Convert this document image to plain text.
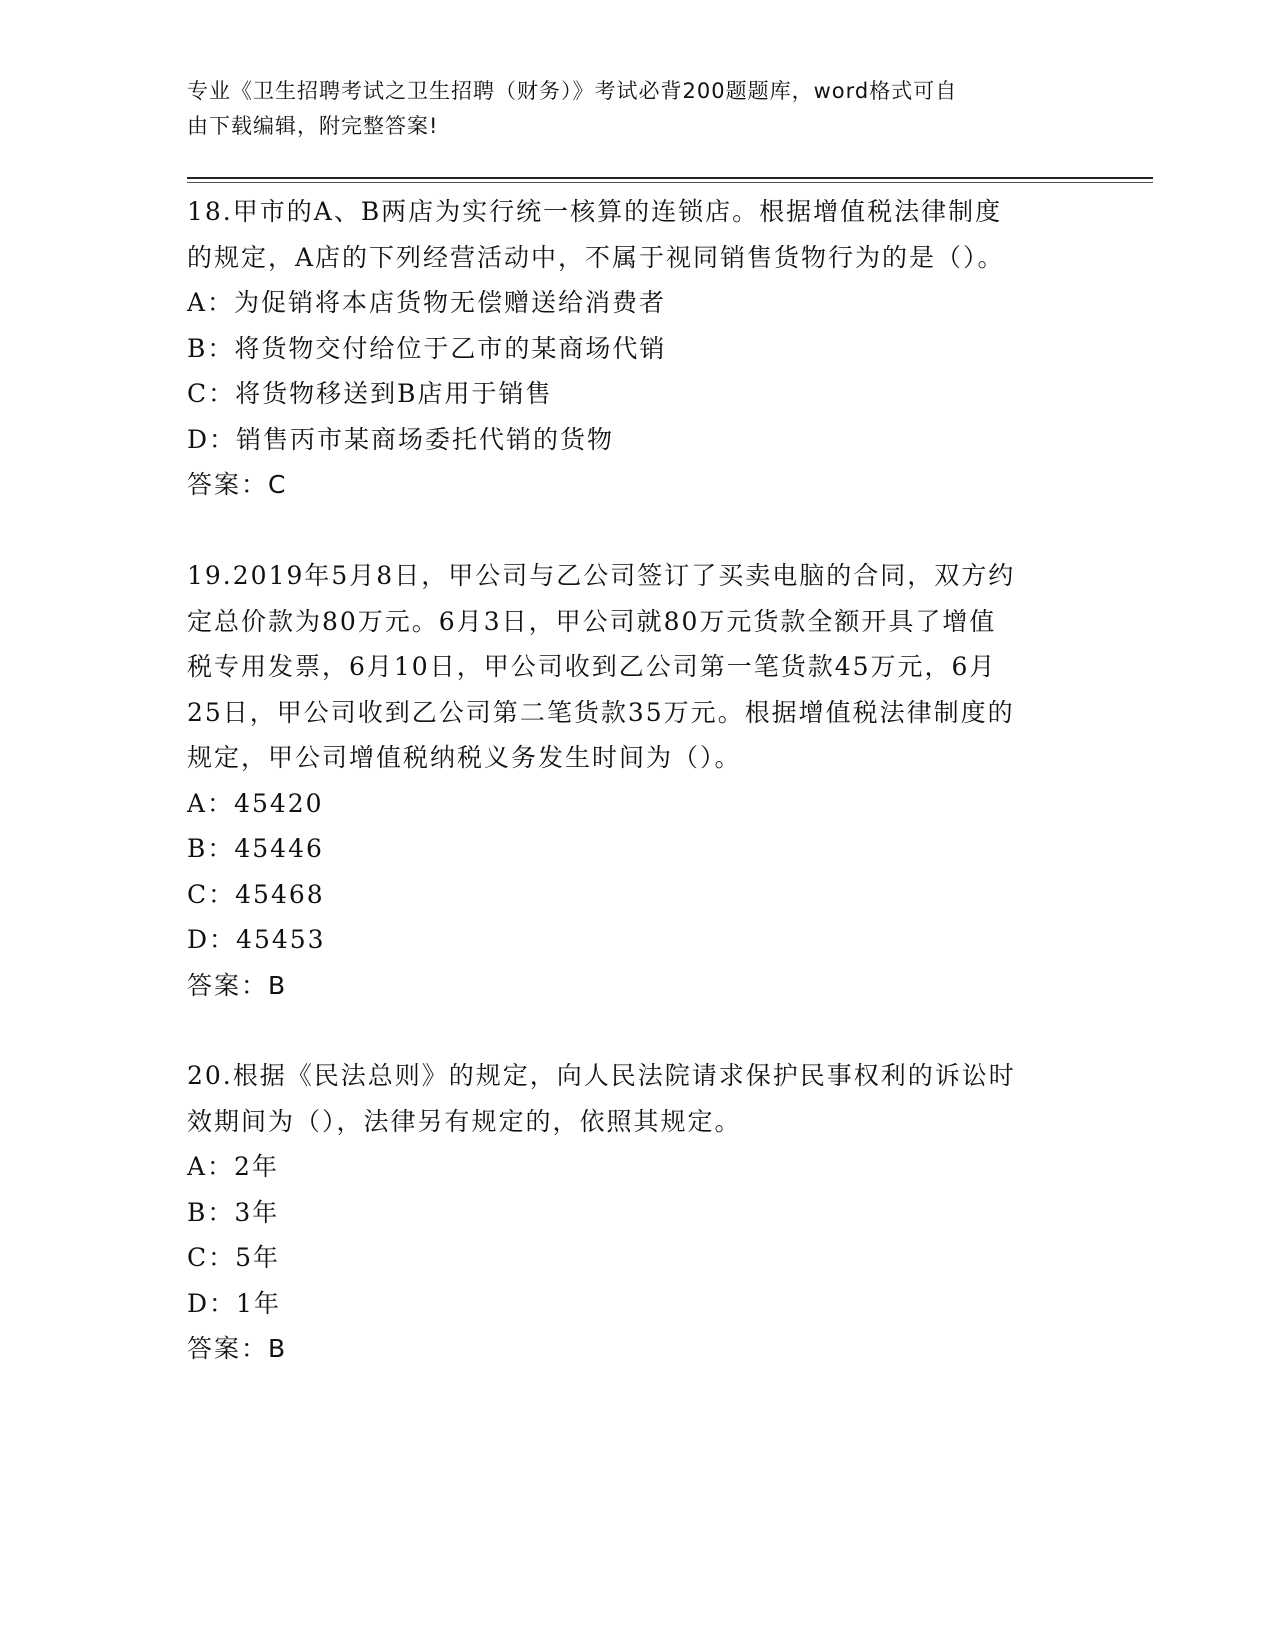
专业《卫生招聘考试之卫生招聘（财务）》考试必背200题题库，word格式可自
由下载编辑，附完整答案!

18.甲市的A、B两店为实行统一核算的连锁店。根据增值税法律制度

的规定，A店的下列经营活动中，不属于视同销售货物行为的是（）。

A：为促销将本店货物无偿赠送给消费者

B：将货物交付给位于乙市的某商场代销

C：将货物移送到B店用于销售

D：销售丙市某商场委托代销的货物

答案：C

19.2019年5月8日，甲公司与乙公司签订了买卖电脑的合同，双方约

定总价款为80万元。6月3日，甲公司就80万元货款全额开具了增值

税专用发票，6月10日，甲公司收到乙公司第一笔货款45万元，6月

25日，甲公司收到乙公司第二笔货款35万元。根据增值税法律制度的

规定，甲公司增值税纳税义务发生时间为（）。

A：45420

B：45446

C：45468

D：45453

答案：B

20.根据《民法总则》的规定，向人民法院请求保护民事权利的诉讼时

效期间为（），法律另有规定的，依照其规定。

A：2年

B：3年

C：5年

D：1年

答案：B
